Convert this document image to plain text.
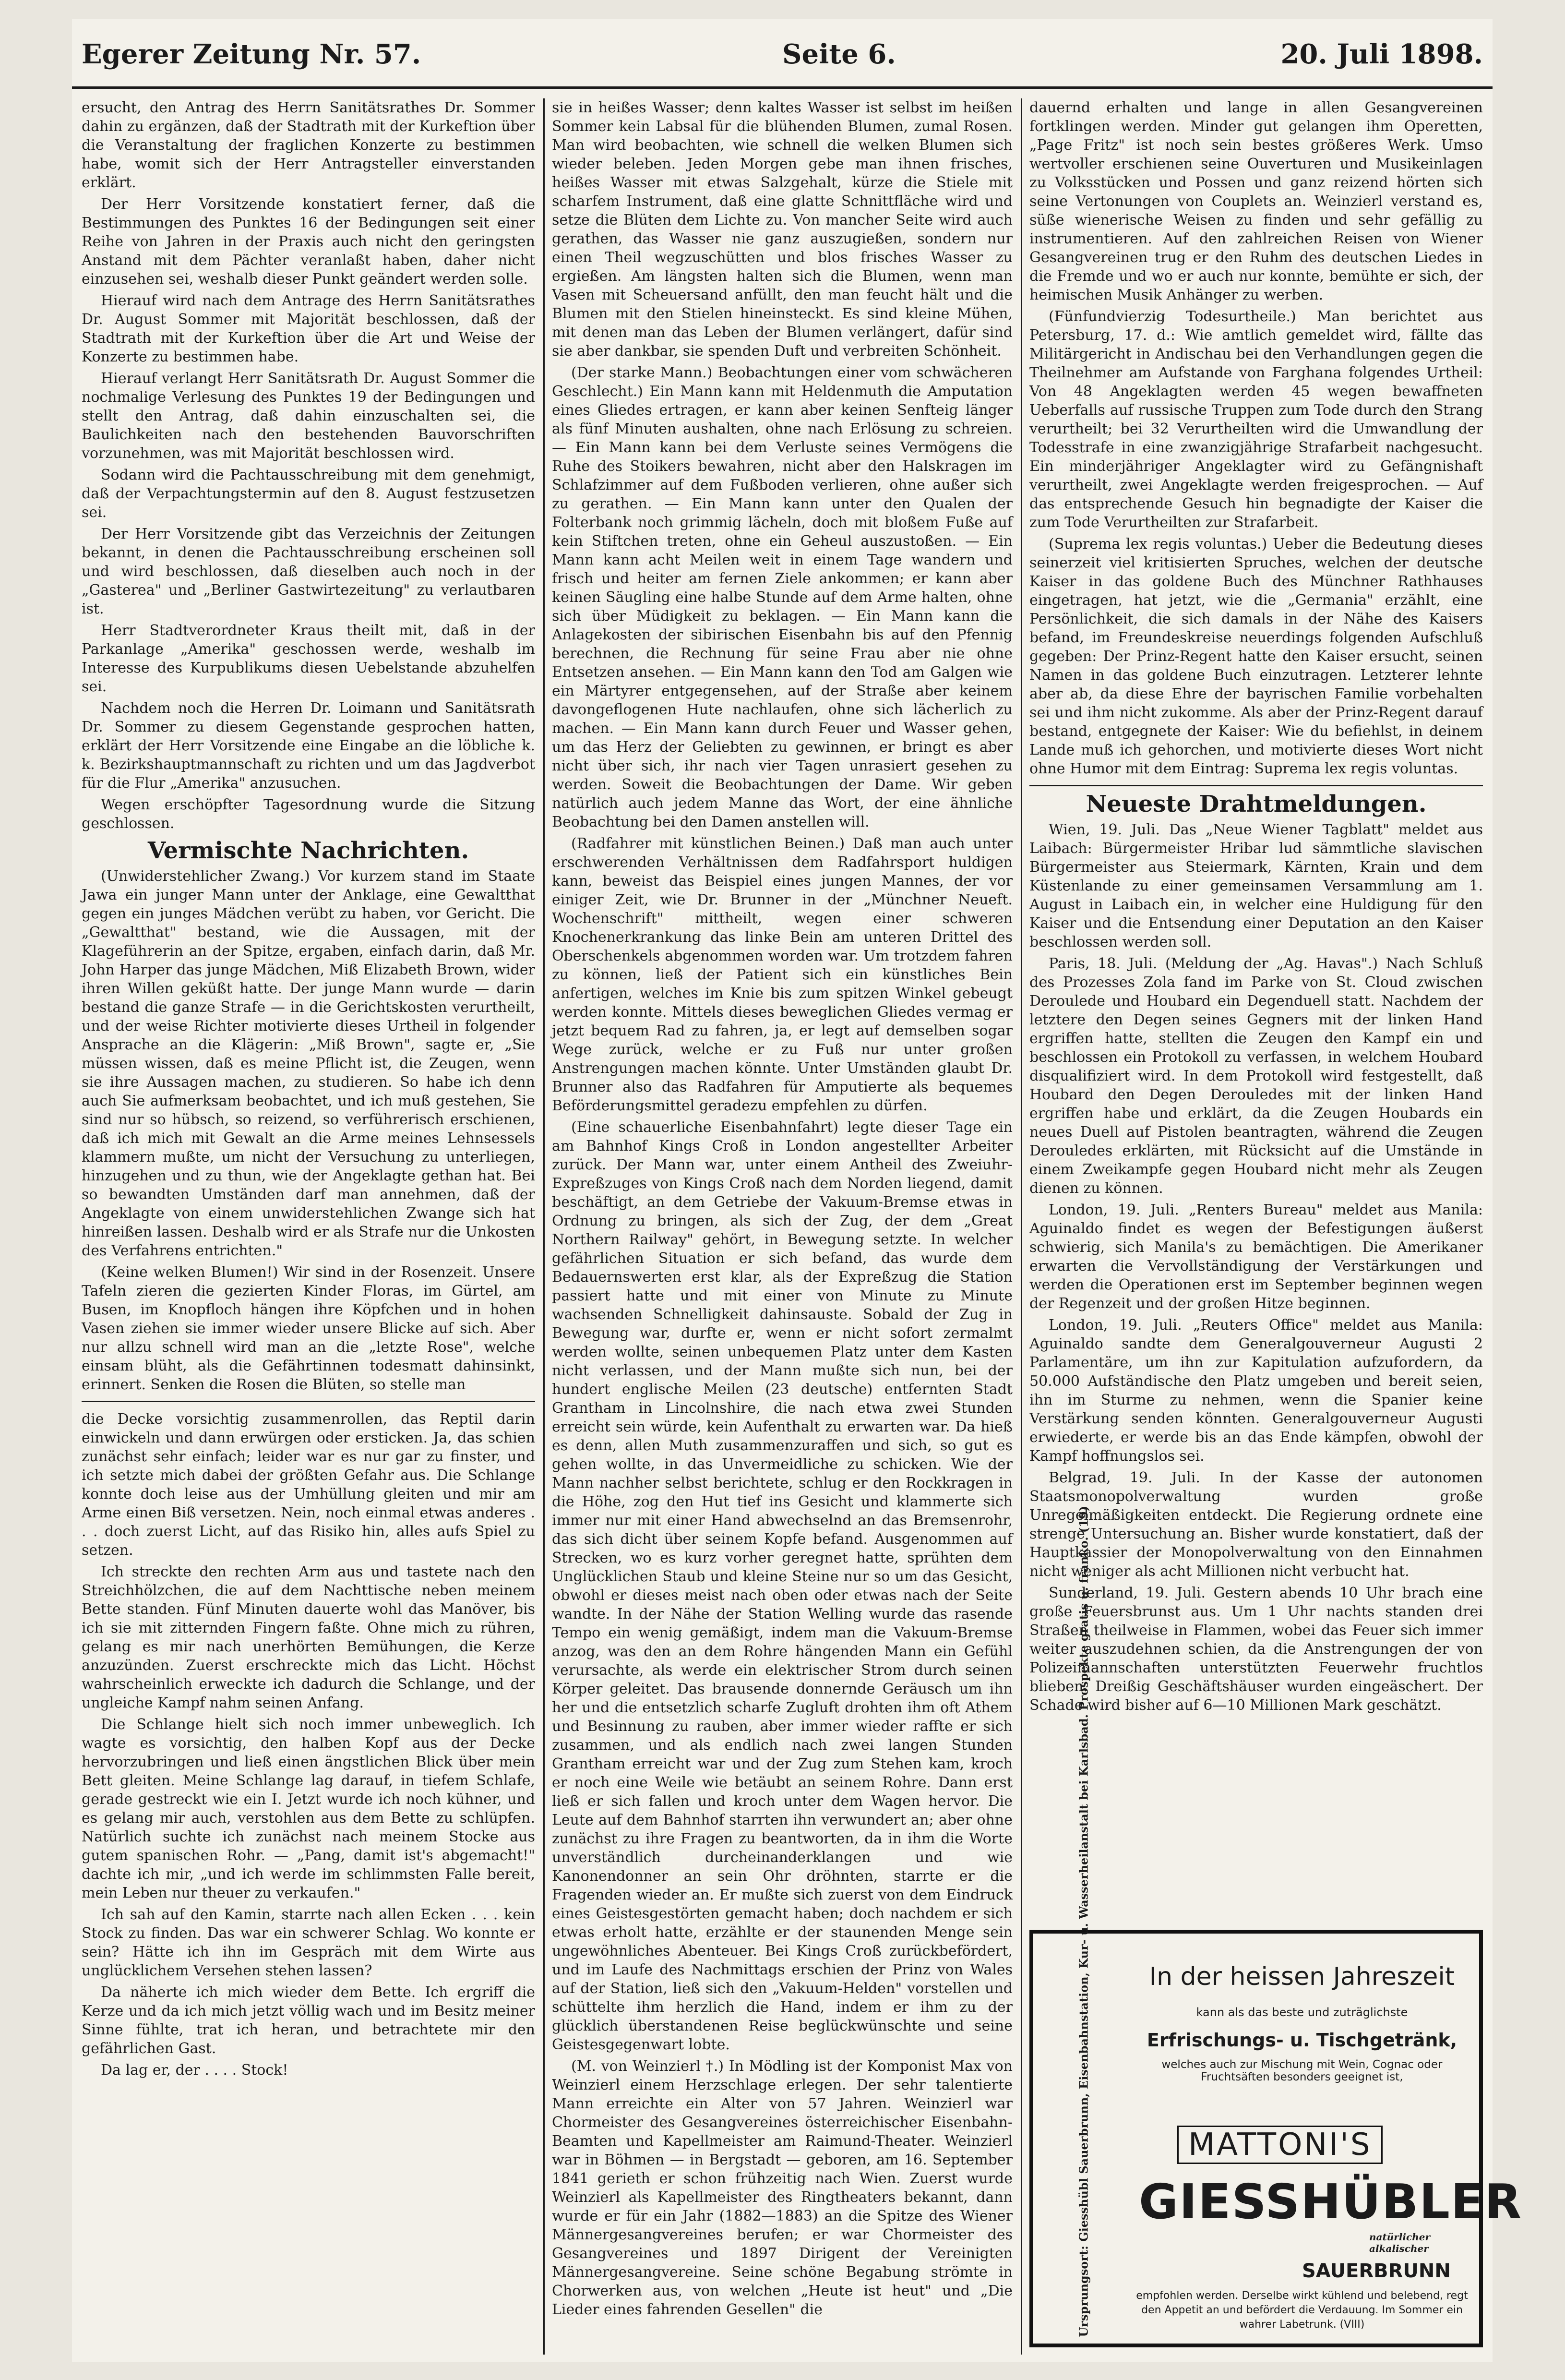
Egerer Zeitung Nr. 57.	Seite 6.	20. Juli 1898.

ersucht, den Antrag des Herrn Sanitätsrathes Dr. Sommer dahin zu ergänzen, daß der Stadtrath mit der Kurkeftion über die Veranstaltung der fraglichen Konzerte zu bestimmen habe, womit sich der Herr Antragsteller einverstanden erklärt.

Der Herr Vorsitzende konstatiert ferner, daß die Bestimmungen des Punktes 16 der Bedingungen seit einer Reihe von Jahren in der Praxis auch nicht den geringsten Anstand mit dem Pächter veranlaßt haben, daher nicht einzusehen sei, weshalb dieser Punkt geändert werden solle.

Hierauf wird nach dem Antrage des Herrn Sanitätsrathes Dr. August Sommer mit Majorität beschlossen, daß der Stadtrath mit der Kurkeftion über die Art und Weise der Konzerte zu bestimmen habe.

Hierauf verlangt Herr Sanitätsrath Dr. August Sommer die nochmalige Verlesung des Punktes 19 der Bedingungen und stellt den Antrag, daß dahin einzuschalten sei, die Baulichkeiten nach den bestehenden Bauvorschriften vorzunehmen, was mit Majorität beschlossen wird.

Sodann wird die Pachtausschreibung mit dem genehmigt, daß der Verpachtungstermin auf den 8. August festzusetzen sei.

Der Herr Vorsitzende gibt das Verzeichnis der Zeitungen bekannt, in denen die Pachtausschreibung erscheinen soll und wird beschlossen, daß dieselben auch noch in der „Gasterea" und „Berliner Gastwirtezeitung" zu verlautbaren ist.

Herr Stadtverordneter Kraus theilt mit, daß in der Parkanlage „Amerika" geschossen werde, weshalb im Interesse des Kurpublikums diesen Uebelstande abzuhelfen sei.

Nachdem noch die Herren Dr. Loimann und Sanitätsrath Dr. Sommer zu diesem Gegenstande gesprochen hatten, erklärt der Herr Vorsitzende eine Eingabe an die löbliche k. k. Bezirkshauptmannschaft zu richten und um das Jagdverbot für die Flur „Amerika" anzusuchen.

Wegen erschöpfter Tagesordnung wurde die Sitzung geschlossen.

Vermischte Nachrichten.

(Unwiderstehlicher Zwang.) Vor kurzem stand im Staate Jawa ein junger Mann unter der Anklage, eine Gewaltthat gegen ein junges Mädchen verübt zu haben, vor Gericht. Die „Gewaltthat" bestand, wie die Aussagen, mit der Klageführerin an der Spitze, ergaben, einfach darin, daß Mr. John Harper das junge Mädchen, Miß Elizabeth Brown, wider ihren Willen geküßt hatte. Der junge Mann wurde — darin bestand die ganze Strafe — in die Gerichtskosten verurtheilt, und der weise Richter motivierte dieses Urtheil in folgender Ansprache an die Klägerin: „Miß Brown", sagte er, „Sie müssen wissen, daß es meine Pflicht ist, die Zeugen, wenn sie ihre Aussagen machen, zu studieren. So habe ich denn auch Sie aufmerksam beobachtet, und ich muß gestehen, Sie sind nur so hübsch, so reizend, so verführerisch erschienen, daß ich mich mit Gewalt an die Arme meines Lehnsessels klammern mußte, um nicht der Versuchung zu unterliegen, hinzugehen und zu thun, wie der Angeklagte gethan hat. Bei so bewandten Umständen darf man annehmen, daß der Angeklagte von einem unwiderstehlichen Zwange sich hat hinreißen lassen. Deshalb wird er als Strafe nur die Unkosten des Verfahrens entrichten."

(Keine welken Blumen!) Wir sind in der Rosenzeit. Unsere Tafeln zieren die gezierten Kinder Floras, im Gürtel, am Busen, im Knopfloch hängen ihre Köpfchen und in hohen Vasen ziehen sie immer wieder unsere Blicke auf sich. Aber nur allzu schnell wird man an die „letzte Rose", welche einsam blüht, als die Gefährtinnen todesmatt dahinsinkt, erinnert. Senken die Rosen die Blüten, so stelle man

die Decke vorsichtig zusammenrollen, das Reptil darin einwickeln und dann erwürgen oder ersticken. Ja, das schien zunächst sehr einfach; leider war es nur gar zu finster, und ich setzte mich dabei der größten Gefahr aus. Die Schlange konnte doch leise aus der Umhüllung gleiten und mir am Arme einen Biß versetzen. Nein, noch einmal etwas anderes . . . doch zuerst Licht, auf das Risiko hin, alles aufs Spiel zu setzen.

Ich streckte den rechten Arm aus und tastete nach den Streichhölzchen, die auf dem Nachttische neben meinem Bette standen. Fünf Minuten dauerte wohl das Manöver, bis ich sie mit zitternden Fingern faßte. Ohne mich zu rühren, gelang es mir nach unerhörten Bemühungen, die Kerze anzuzünden. Zuerst erschreckte mich das Licht. Höchst wahrscheinlich erweckte ich dadurch die Schlange, und der ungleiche Kampf nahm seinen Anfang.

Die Schlange hielt sich noch immer unbeweglich. Ich wagte es vorsichtig, den halben Kopf aus der Decke hervorzubringen und ließ einen ängstlichen Blick über mein Bett gleiten. Meine Schlange lag darauf, in tiefem Schlafe, gerade gestreckt wie ein I. Jetzt wurde ich noch kühner, und es gelang mir auch, verstohlen aus dem Bette zu schlüpfen. Natürlich suchte ich zunächst nach meinem Stocke aus gutem spanischen Rohr. — „Pang, damit ist's abgemacht!" dachte ich mir, „und ich werde im schlimmsten Falle bereit, mein Leben nur theuer zu verkaufen."

Ich sah auf den Kamin, starrte nach allen Ecken . . . kein Stock zu finden. Das war ein schwerer Schlag. Wo konnte er sein? Hätte ich ihn im Gespräch mit dem Wirte aus unglücklichem Versehen stehen lassen?

Da näherte ich mich wieder dem Bette. Ich ergriff die Kerze und da ich mich jetzt völlig wach und im Besitz meiner Sinne fühlte, trat ich heran, und betrachtete mir den gefährlichen Gast.

Da lag er, der . . . . Stock!

sie in heißes Wasser; denn kaltes Wasser ist selbst im heißen Sommer kein Labsal für die blühenden Blumen, zumal Rosen. Man wird beobachten, wie schnell die welken Blumen sich wieder beleben. Jeden Morgen gebe man ihnen frisches, heißes Wasser mit etwas Salzgehalt, kürze die Stiele mit scharfem Instrument, daß eine glatte Schnittfläche wird und setze die Blüten dem Lichte zu. Von mancher Seite wird auch gerathen, das Wasser nie ganz auszugießen, sondern nur einen Theil wegzuschütten und blos frisches Wasser zu ergießen. Am längsten halten sich die Blumen, wenn man Vasen mit Scheuersand anfüllt, den man feucht hält und die Blumen mit den Stielen hineinsteckt. Es sind kleine Mühen, mit denen man das Leben der Blumen verlängert, dafür sind sie aber dankbar, sie spenden Duft und verbreiten Schönheit.

(Der starke Mann.) Beobachtungen einer vom schwächeren Geschlecht.) Ein Mann kann mit Heldenmuth die Amputation eines Gliedes ertragen, er kann aber keinen Senfteig länger als fünf Minuten aushalten, ohne nach Erlösung zu schreien. — Ein Mann kann bei dem Verluste seines Vermögens die Ruhe des Stoikers bewahren, nicht aber den Halskragen im Schlafzimmer auf dem Fußboden verlieren, ohne außer sich zu gerathen. — Ein Mann kann unter den Qualen der Folterbank noch grimmig lächeln, doch mit bloßem Fuße auf kein Stiftchen treten, ohne ein Geheul auszustoßen. — Ein Mann kann acht Meilen weit in einem Tage wandern und frisch und heiter am fernen Ziele ankommen; er kann aber keinen Säugling eine halbe Stunde auf dem Arme halten, ohne sich über Müdigkeit zu beklagen. — Ein Mann kann die Anlagekosten der sibirischen Eisenbahn bis auf den Pfennig berechnen, die Rechnung für seine Frau aber nie ohne Entsetzen ansehen. — Ein Mann kann den Tod am Galgen wie ein Märtyrer entgegensehen, auf der Straße aber keinem davongeflogenen Hute nachlaufen, ohne sich lächerlich zu machen. — Ein Mann kann durch Feuer und Wasser gehen, um das Herz der Geliebten zu gewinnen, er bringt es aber nicht über sich, ihr nach vier Tagen unrasiert gesehen zu werden. Soweit die Beobachtungen der Dame. Wir geben natürlich auch jedem Manne das Wort, der eine ähnliche Beobachtung bei den Damen anstellen will.

(Radfahrer mit künstlichen Beinen.) Daß man auch unter erschwerenden Verhältnissen dem Radfahrsport huldigen kann, beweist das Beispiel eines jungen Mannes, der vor einiger Zeit, wie Dr. Brunner in der „Münchner Neueft. Wochenschrift" mittheilt, wegen einer schweren Knochenerkrankung das linke Bein am unteren Drittel des Oberschenkels abgenommen worden war. Um trotzdem fahren zu können, ließ der Patient sich ein künstliches Bein anfertigen, welches im Knie bis zum spitzen Winkel gebeugt werden konnte. Mittels dieses beweglichen Gliedes vermag er jetzt bequem Rad zu fahren, ja, er legt auf demselben sogar Wege zurück, welche er zu Fuß nur unter großen Anstrengungen machen könnte. Unter Umständen glaubt Dr. Brunner also das Radfahren für Amputierte als bequemes Beförderungsmittel geradezu empfehlen zu dürfen.

(Eine schauerliche Eisenbahnfahrt) legte dieser Tage ein am Bahnhof Kings Croß in London angestellter Arbeiter zurück. Der Mann war, unter einem Antheil des Zweiuhr-Expreßzuges von Kings Croß nach dem Norden liegend, damit beschäftigt, an dem Getriebe der Vakuum-Bremse etwas in Ordnung zu bringen, als sich der Zug, der dem „Great Northern Railway" gehört, in Bewegung setzte. In welcher gefährlichen Situation er sich befand, das wurde dem Bedauernswerten erst klar, als der Expreßzug die Station passiert hatte und mit einer von Minute zu Minute wachsenden Schnelligkeit dahinsauste. Sobald der Zug in Bewegung war, durfte er, wenn er nicht sofort zermalmt werden wollte, seinen unbequemen Platz unter dem Kasten nicht verlassen, und der Mann mußte sich nun, bei der hundert englische Meilen (23 deutsche) entfernten Stadt Grantham in Lincolnshire, die nach etwa zwei Stunden erreicht sein würde, kein Aufenthalt zu erwarten war. Da hieß es denn, allen Muth zusammenzuraffen und sich, so gut es gehen wollte, in das Unvermeidliche zu schicken. Wie der Mann nachher selbst berichtete, schlug er den Rockkragen in die Höhe, zog den Hut tief ins Gesicht und klammerte sich immer nur mit einer Hand abwechselnd an das Bremsenrohr, das sich dicht über seinem Kopfe befand. Ausgenommen auf Strecken, wo es kurz vorher geregnet hatte, sprühten dem Unglücklichen Staub und kleine Steine nur so um das Gesicht, obwohl er dieses meist nach oben oder etwas nach der Seite wandte. In der Nähe der Station Welling wurde das rasende Tempo ein wenig gemäßigt, indem man die Vakuum-Bremse anzog, was den an dem Rohre hängenden Mann ein Gefühl verursachte, als werde ein elektrischer Strom durch seinen Körper geleitet. Das brausende donnernde Geräusch um ihn her und die entsetzlich scharfe Zugluft drohten ihm oft Athem und Besinnung zu rauben, aber immer wieder raffte er sich zusammen, und als endlich nach zwei langen Stunden Grantham erreicht war und der Zug zum Stehen kam, kroch er noch eine Weile wie betäubt an seinem Rohre. Dann erst ließ er sich fallen und kroch unter dem Wagen hervor. Die Leute auf dem Bahnhof starrten ihn verwundert an; aber ohne zunächst zu ihre Fragen zu beantworten, da in ihm die Worte unverständlich durcheinanderklangen und wie Kanonendonner an sein Ohr dröhnten, starrte er die Fragenden wieder an. Er mußte sich zuerst von dem Eindruck eines Geistesgestörten gemacht haben; doch nachdem er sich etwas erholt hatte, erzählte er der staunenden Menge sein ungewöhnliches Abenteuer. Bei Kings Croß zurückbefördert, und im Laufe des Nachmittags erschien der Prinz von Wales auf der Station, ließ sich den „Vakuum-Helden" vorstellen und schüttelte ihm herzlich die Hand, indem er ihm zu der glücklich überstandenen Reise beglückwünschte und seine Geistesgegenwart lobte.

(M. von Weinzierl †.) In Mödling ist der Komponist Max von Weinzierl einem Herzschlage erlegen. Der sehr talentierte Mann erreichte ein Alter von 57 Jahren. Weinzierl war Chormeister des Gesangvereines österreichischer Eisenbahn-Beamten und Kapellmeister am Raimund-Theater. Weinzierl war in Böhmen — in Bergstadt — geboren, am 16. September 1841 gerieth er schon frühzeitig nach Wien. Zuerst wurde Weinzierl als Kapellmeister des Ringtheaters bekannt, dann wurde er für ein Jahr (1882—1883) an die Spitze des Wiener Männergesangvereines berufen; er war Chormeister des Gesangvereines und 1897 Dirigent der Vereinigten Männergesangvereine. Seine schöne Begabung strömte in Chorwerken aus, von welchen „Heute ist heut" und „Die Lieder eines fahrenden Gesellen" die

dauernd erhalten und lange in allen Gesangvereinen fortklingen werden. Minder gut gelangen ihm Operetten, „Page Fritz" ist noch sein bestes größeres Werk. Umso wertvoller erschienen seine Ouverturen und Musikeinlagen zu Volksstücken und Possen und ganz reizend hörten sich seine Vertonungen von Couplets an. Weinzierl verstand es, süße wienerische Weisen zu finden und sehr gefällig zu instrumentieren. Auf den zahlreichen Reisen von Wiener Gesangvereinen trug er den Ruhm des deutschen Liedes in die Fremde und wo er auch nur konnte, bemühte er sich, der heimischen Musik Anhänger zu werben.

(Fünfundvierzig Todesurtheile.) Man berichtet aus Petersburg, 17. d.: Wie amtlich gemeldet wird, fällte das Militärgericht in Andischau bei den Verhandlungen gegen die Theilnehmer am Aufstande von Farghana folgendes Urtheil: Von 48 Angeklagten werden 45 wegen bewaffneten Ueberfalls auf russische Truppen zum Tode durch den Strang verurtheilt; bei 32 Verurtheilten wird die Umwandlung der Todesstrafe in eine zwanzigjährige Strafarbeit nachgesucht. Ein minderjähriger Angeklagter wird zu Gefängnishaft verurtheilt, zwei Angeklagte werden freigesprochen. — Auf das entsprechende Gesuch hin begnadigte der Kaiser die zum Tode Verurtheilten zur Strafarbeit.

(Suprema lex regis voluntas.) Ueber die Bedeutung dieses seinerzeit viel kritisierten Spruches, welchen der deutsche Kaiser in das goldene Buch des Münchner Rathhauses eingetragen, hat jetzt, wie die „Germania" erzählt, eine Persönlichkeit, die sich damals in der Nähe des Kaisers befand, im Freundeskreise neuerdings folgenden Aufschluß gegeben: Der Prinz-Regent hatte den Kaiser ersucht, seinen Namen in das goldene Buch einzutragen. Letzterer lehnte aber ab, da diese Ehre der bayrischen Familie vorbehalten sei und ihm nicht zukomme. Als aber der Prinz-Regent darauf bestand, entgegnete der Kaiser: Wie du befiehlst, in deinem Lande muß ich gehorchen, und motivierte dieses Wort nicht ohne Humor mit dem Eintrag: Suprema lex regis voluntas.

Neueste Drahtmeldungen.

Wien, 19. Juli. Das „Neue Wiener Tagblatt" meldet aus Laibach: Bürgermeister Hribar lud sämmtliche slavischen Bürgermeister aus Steiermark, Kärnten, Krain und dem Küstenlande zu einer gemeinsamen Versammlung am 1. August in Laibach ein, in welcher eine Huldigung für den Kaiser und die Entsendung einer Deputation an den Kaiser beschlossen werden soll.

Paris, 18. Juli. (Meldung der „Ag. Havas".) Nach Schluß des Prozesses Zola fand im Parke von St. Cloud zwischen Deroulede und Houbard ein Degenduell statt. Nachdem der letztere den Degen seines Gegners mit der linken Hand ergriffen hatte, stellten die Zeugen den Kampf ein und beschlossen ein Protokoll zu verfassen, in welchem Houbard disqualifiziert wird. In dem Protokoll wird festgestellt, daß Houbard den Degen Derouledes mit der linken Hand ergriffen habe und erklärt, da die Zeugen Houbards ein neues Duell auf Pistolen beantragten, während die Zeugen Derouledes erklärten, mit Rücksicht auf die Umstände in einem Zweikampfe gegen Houbard nicht mehr als Zeugen dienen zu können.

London, 19. Juli. „Renters Bureau" meldet aus Manila: Aguinaldo findet es wegen der Befestigungen äußerst schwierig, sich Manila's zu bemächtigen. Die Amerikaner erwarten die Vervollständigung der Verstärkungen und werden die Operationen erst im September beginnen wegen der Regenzeit und der großen Hitze beginnen.

London, 19. Juli. „Reuters Office" meldet aus Manila: Aguinaldo sandte dem Generalgouverneur Augusti 2 Parlamentäre, um ihn zur Kapitulation aufzufordern, da 50.000 Aufständische den Platz umgeben und bereit seien, ihn im Sturme zu nehmen, wenn die Spanier keine Verstärkung senden könnten. Generalgouverneur Augusti erwiederte, er werde bis an das Ende kämpfen, obwohl der Kampf hoffnungslos sei.

Belgrad, 19. Juli. In der Kasse der autonomen Staatsmonopolverwaltung wurden große Unregelmäßigkeiten entdeckt. Die Regierung ordnete eine strenge Untersuchung an. Bisher wurde konstatiert, daß der Hauptkassier der Monopolverwaltung von den Einnahmen nicht weniger als acht Millionen nicht verbucht hat.

Sunderland, 19. Juli. Gestern abends 10 Uhr brach eine große Feuersbrunst aus. Um 1 Uhr nachts standen drei Straßen theilweise in Flammen, wobei das Feuer sich immer weiter auszudehnen schien, da die Anstrengungen der von Polizeimannschaften unterstützten Feuerwehr fruchtlos blieben. Dreißig Geschäftshäuser wurden eingeäschert. Der Schade wird bisher auf 6—10 Millionen Mark geschätzt.

Ursprungsort: Giesshübl Sauerbrunn, Eisenbahnstation, Kur- u. Wasserheilanstalt bei Karlsbad. Prospekte gratis u. franko. (19)	In der heissen Jahreszeit
kann als das beste und zuträglichste
Erfrischungs- u. Tischgetränk,
welches auch zur Mischung mit Wein, Cognac oder Fruchtsäften besonders geeignet ist,
MATTONI'S
GIESSHÜBLER
natürlicher alkalischer
SAUERBRUNN
empfohlen werden. Derselbe wirkt kühlend und belebend, regt den Appetit an und befördert die Verdauung. Im Sommer ein wahrer Labetrunk. (VIII)
